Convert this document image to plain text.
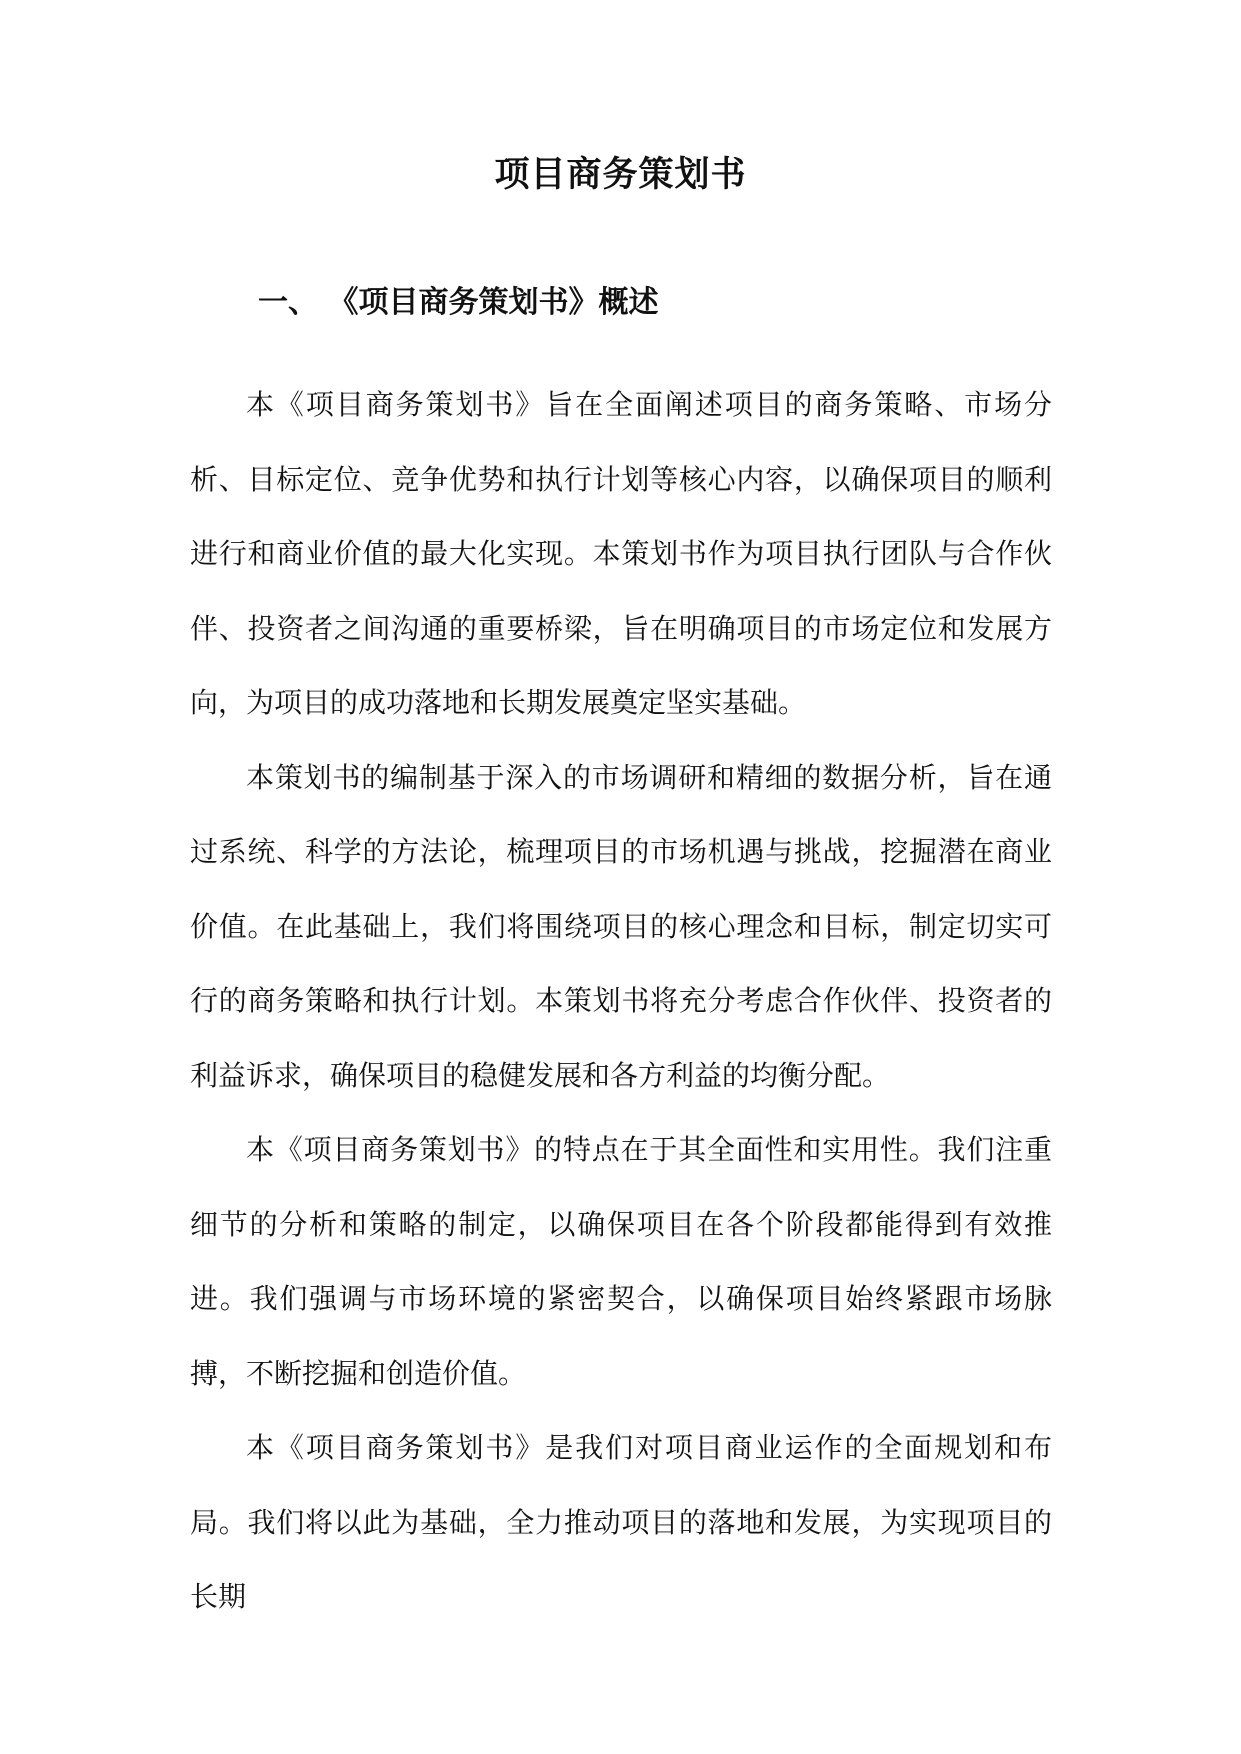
项目商务策划书
一、 《项目商务策划书》概述

本《项目商务策划书》旨在全面阐述项目的商务策略、市场分析、目标定位、竞争优势和执行计划等核心内容，以确保项目的顺利进行和商业价值的最大化实现。本策划书作为项目执行团队与合作伙伴、投资者之间沟通的重要桥梁，旨在明确项目的市场定位和发展方向，为项目的成功落地和长期发展奠定坚实基础。

本策划书的编制基于深入的市场调研和精细的数据分析，旨在通过系统、科学的方法论，梳理项目的市场机遇与挑战，挖掘潜在商业价值。在此基础上，我们将围绕项目的核心理念和目标，制定切实可行的商务策略和执行计划。本策划书将充分考虑合作伙伴、投资者的利益诉求，确保项目的稳健发展和各方利益的均衡分配。

本《项目商务策划书》的特点在于其全面性和实用性。我们注重细节的分析和策略的制定，以确保项目在各个阶段都能得到有效推进。我们强调与市场环境的紧密契合，以确保项目始终紧跟市场脉搏，不断挖掘和创造价值。

本《项目商务策划书》是我们对项目商业运作的全面规划和布局。我们将以此为基础，全力推动项目的落地和发展，为实现项目的长期
